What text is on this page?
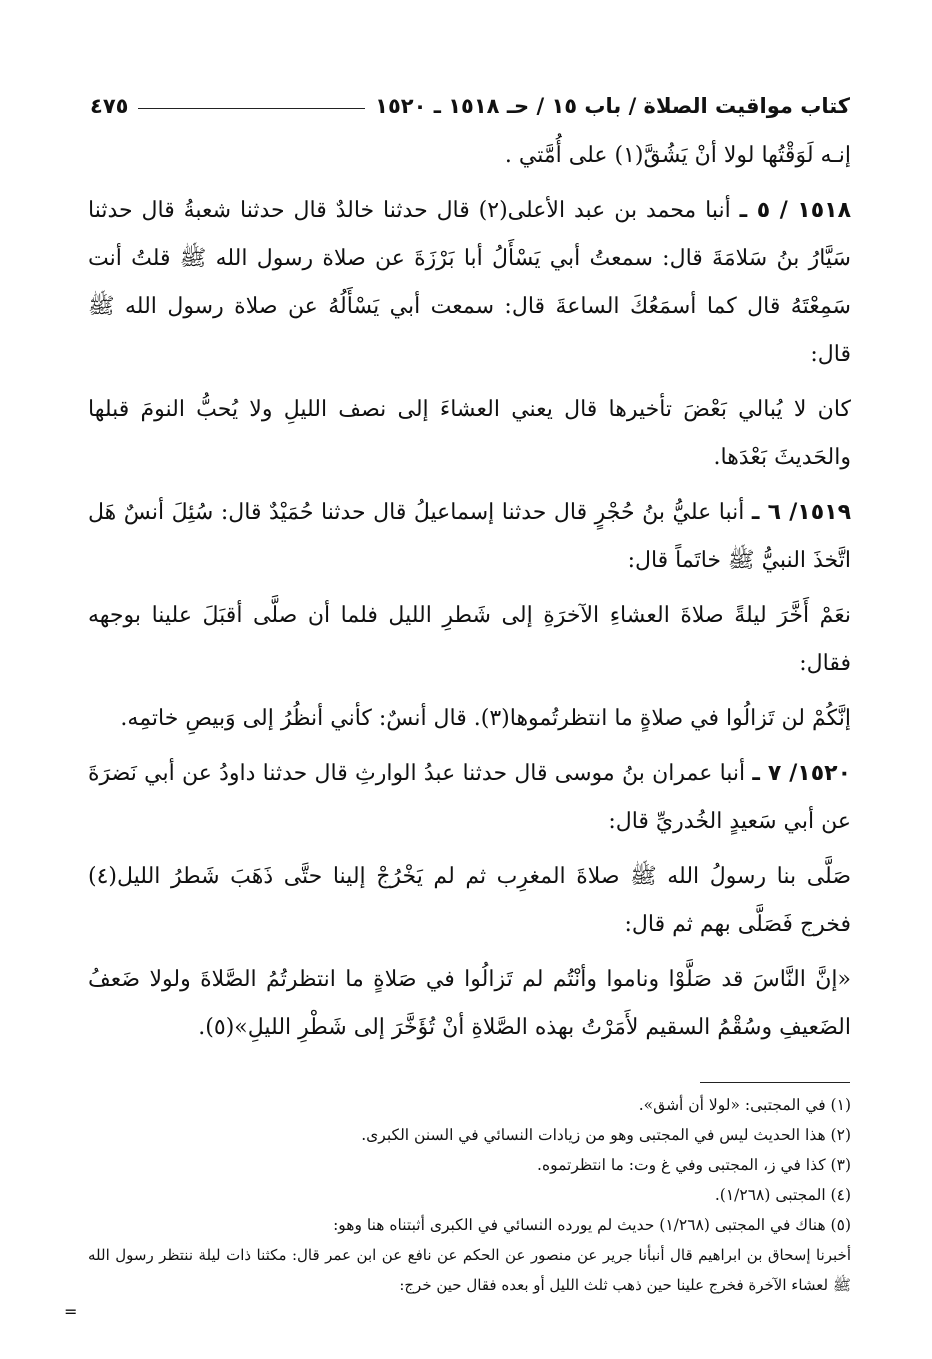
كتاب مواقيت الصلاة / باب ١٥ / حـ ١٥١٨ ـ ١٥٢٠
٤٧٥

إنـه لَوَقْتُها لولا أنْ يَشُقَّ(١) على أُمَّتي .

١٥١٨ / ٥ ـ أنبا محمد بن عبد الأعلى(٢) قال حدثنا خالدٌ قال حدثنا شعبةُ قال حدثنا سَيَّارُ بنُ سَلامَةَ قال: سمعتُ أبي يَسْأَلُ أبا بَرْزَةَ عن صلاة رسول الله ﷺ قلتُ أنت سَمِعْتَهُ قال كما أسمَعُكَ الساعةَ قال: سمعت أبي يَسْأَلُهُ عن صلاة رسول الله ﷺ قال:

كان لا يُبالي بَعْضَ تأخيرها قال يعني العشاءَ إلى نصف الليلِ ولا يُحبُّ النومَ قبلها والحَديثَ بَعْدَها.

١٥١٩/ ٦ ـ أنبا عليُّ بنُ حُجْرٍ قال حدثنا إسماعيلُ قال حدثنا حُمَيْدٌ قال: سُئِلَ أنسٌ هَل اتَّخذَ النبيُّ ﷺ خاتَماً قال:

نعَمْ أَخَّرَ ليلةً صلاةَ العشاءِ الآخرَةِ إلى شَطرِ الليل فلما أن صلَّى أقبَلَ علينا بوجهه فقال:

إنَّكُمْ لن تَزالُوا في صلاةٍ ما انتظرتُموها(٣). قال أنسٌ: كأني أنظُرُ إلى وَبيصِ خاتمِه.

١٥٢٠/ ٧ ـ أنبا عمران بنُ موسى قال حدثنا عبدُ الوارثِ قال حدثنا داودُ عن أبي نَضرَةَ عن أبي سَعيدٍ الخُدريِّ قال:

صَلَّى بنا رسولُ الله ﷺ صلاةَ المغرِب ثم لم يَخْرُجْ إلينا حتَّى ذَهَبَ شَطرُ الليل(٤) فخرج فَصَلَّى بهم ثم قال:

«إنَّ النَّاسَ قد صَلَّوْا وناموا وأنْتُم لم تَزالُوا في صَلاةٍ ما انتظرتُمُ الصَّلاةَ ولولا ضَعفُ الضَعيفِ وسُقْمُ السقيم لأَمَرْتُ بهذه الصَّلاةِ أنْ تُؤَخَّرَ إلى شَطْرِ الليلِ»(٥).

(١) في المجتبى: «لولا أن أشق».
(٢) هذا الحديث ليس في المجتبى وهو من زيادات النسائي في السنن الكبرى.
(٣) كذا في ز، المجتبى وفي غ وت: ما انتظرتموه.
(٤) المجتبى (١/٢٦٨).
(٥) هناك في المجتبى (١/٢٦٨) حديث لم يورده النسائي في الكبرى أثبتناه هنا وهو:
أخبرنا إسحاق بن ابراهيم قال أنبأنا جرير عن منصور عن الحكم عن نافع عن ابن عمر قال: مكثنا ذات ليلة ننتظر رسول الله ﷺ لعشاء الآخرة فخرج علينا حين ذهب ثلث الليل أو بعده فقال حين خرج:
=
